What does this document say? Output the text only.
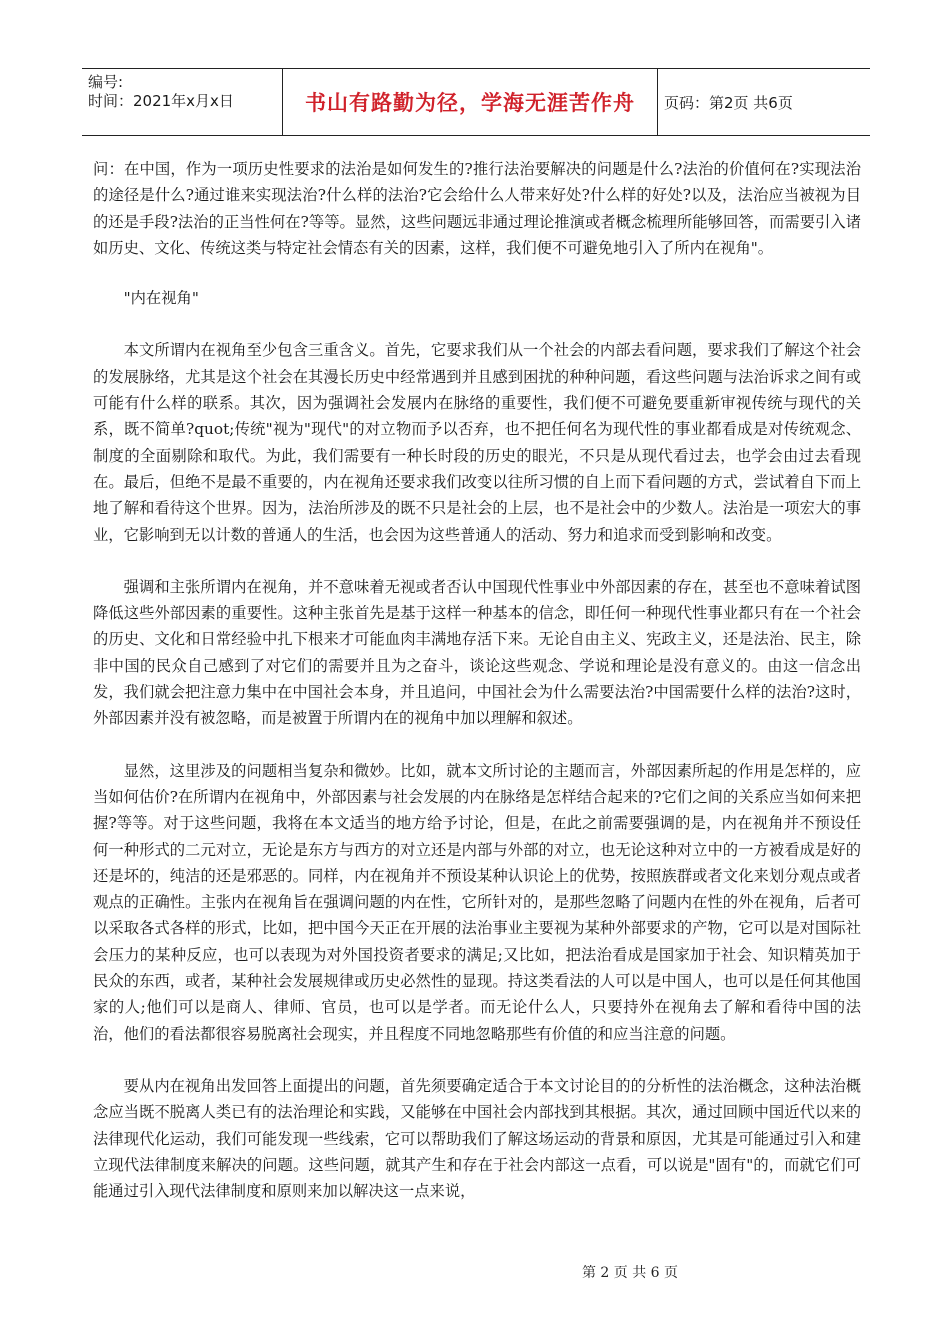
编号:
时间：2021年x月x日	书山有路勤为径，学海无涯苦作舟	页码：第2页 共6页

问：在中国，作为一项历史性要求的法治是如何发生的?推行法治要解决的问题是什么?法治的价值何在?实现法治的途径是什么?通过谁来实现法治?什么样的法治?它会给什么人带来好处?什么样的好处?以及，法治应当被视为目的还是手段?法治的正当性何在?等等。显然，这些问题远非通过理论推演或者概念梳理所能够回答，而需要引入诸如历史、文化、传统这类与特定社会情态有关的因素，这样，我们便不可避免地引入了所内在视角"。

"内在视角"

本文所谓内在视角至少包含三重含义。首先，它要求我们从一个社会的内部去看问题，要求我们了解这个社会的发展脉络，尤其是这个社会在其漫长历史中经常遇到并且感到困扰的种种问题，看这些问题与法治诉求之间有或可能有什么样的联系。其次，因为强调社会发展内在脉络的重要性，我们便不可避免要重新审视传统与现代的关系，既不简单?quot;传统"视为"现代"的对立物而予以否弃，也不把任何名为现代性的事业都看成是对传统观念、制度的全面剔除和取代。为此，我们需要有一种长时段的历史的眼光，不只是从现代看过去，也学会由过去看现在。最后，但绝不是最不重要的，内在视角还要求我们改变以往所习惯的自上而下看问题的方式，尝试着自下而上地了解和看待这个世界。因为，法治所涉及的既不只是社会的上层，也不是社会中的少数人。法治是一项宏大的事业，它影响到无以计数的普通人的生活，也会因为这些普通人的活动、努力和追求而受到影响和改变。

强调和主张所谓内在视角，并不意味着无视或者否认中国现代性事业中外部因素的存在，甚至也不意味着试图降低这些外部因素的重要性。这种主张首先是基于这样一种基本的信念，即任何一种现代性事业都只有在一个社会的历史、文化和日常经验中扎下根来才可能血肉丰满地存活下来。无论自由主义、宪政主义，还是法治、民主，除非中国的民众自己感到了对它们的需要并且为之奋斗，谈论这些观念、学说和理论是没有意义的。由这一信念出发，我们就会把注意力集中在中国社会本身，并且追问，中国社会为什么需要法治?中国需要什么样的法治?这时，外部因素并没有被忽略，而是被置于所谓内在的视角中加以理解和叙述。

显然，这里涉及的问题相当复杂和微妙。比如，就本文所讨论的主题而言，外部因素所起的作用是怎样的，应当如何估价?在所谓内在视角中，外部因素与社会发展的内在脉络是怎样结合起来的?它们之间的关系应当如何来把握?等等。对于这些问题，我将在本文适当的地方给予讨论，但是，在此之前需要强调的是，内在视角并不预设任何一种形式的二元对立，无论是东方与西方的对立还是内部与外部的对立，也无论这种对立中的一方被看成是好的还是坏的，纯洁的还是邪恶的。同样，内在视角并不预设某种认识论上的优势，按照族群或者文化来划分观点或者观点的正确性。主张内在视角旨在强调问题的内在性，它所针对的，是那些忽略了问题内在性的外在视角，后者可以采取各式各样的形式，比如，把中国今天正在开展的法治事业主要视为某种外部要求的产物，它可以是对国际社会压力的某种反应，也可以表现为对外国投资者要求的满足;又比如，把法治看成是国家加于社会、知识精英加于民众的东西，或者，某种社会发展规律或历史必然性的显现。持这类看法的人可以是中国人，也可以是任何其他国家的人;他们可以是商人、律师、官员，也可以是学者。而无论什么人，只要持外在视角去了解和看待中国的法治，他们的看法都很容易脱离社会现实，并且程度不同地忽略那些有价值的和应当注意的问题。

要从内在视角出发回答上面提出的问题，首先须要确定适合于本文讨论目的的分析性的法治概念，这种法治概念应当既不脱离人类已有的法治理论和实践，又能够在中国社会内部找到其根据。其次，通过回顾中国近代以来的法律现代化运动，我们可能发现一些线索，它可以帮助我们了解这场运动的背景和原因，尤其是可能通过引入和建立现代法律制度来解决的问题。这些问题，就其产生和存在于社会内部这一点看，可以说是"固有"的，而就它们可能通过引入现代法律制度和原则来加以解决这一点来说，

第 2 页 共 6 页
